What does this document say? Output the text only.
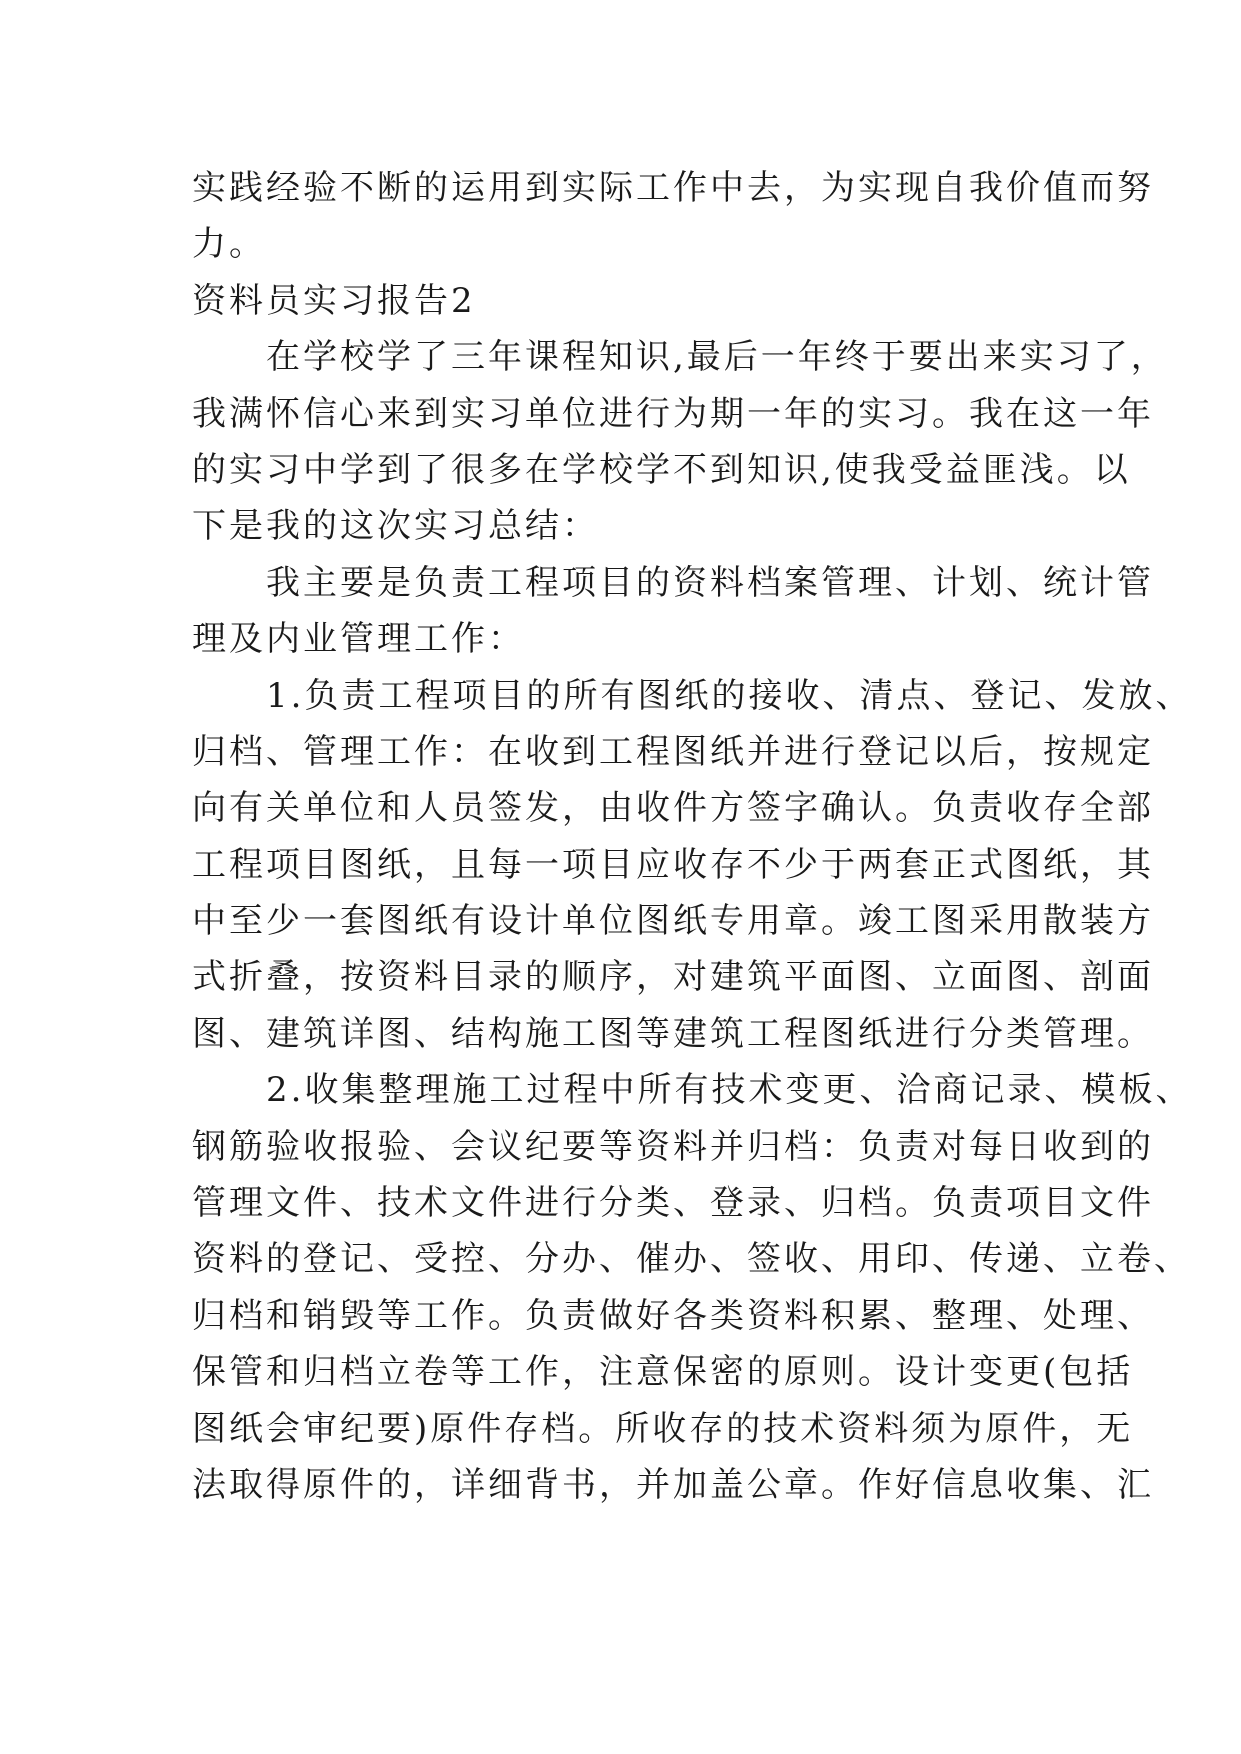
实践经验不断的运用到实际工作中去，为实现自我价值而努
力。
资料员实习报告2
　　在学校学了三年课程知识,最后一年终于要出来实习了，
我满怀信心来到实习单位进行为期一年的实习。我在这一年
的实习中学到了很多在学校学不到知识,使我受益匪浅。以
下是我的这次实习总结：
　　我主要是负责工程项目的资料档案管理、计划、统计管
理及内业管理工作：
　　1.负责工程项目的所有图纸的接收、清点、登记、发放、
归档、管理工作：在收到工程图纸并进行登记以后，按规定
向有关单位和人员签发，由收件方签字确认。负责收存全部
工程项目图纸，且每一项目应收存不少于两套正式图纸，其
中至少一套图纸有设计单位图纸专用章。竣工图采用散装方
式折叠，按资料目录的顺序，对建筑平面图、立面图、剖面
图、建筑详图、结构施工图等建筑工程图纸进行分类管理。
　　2.收集整理施工过程中所有技术变更、洽商记录、模板、
钢筋验收报验、会议纪要等资料并归档：负责对每日收到的
管理文件、技术文件进行分类、登录、归档。负责项目文件
资料的登记、受控、分办、催办、签收、用印、传递、立卷、
归档和销毁等工作。负责做好各类资料积累、整理、处理、
保管和归档立卷等工作，注意保密的原则。设计变更(包括
图纸会审纪要)原件存档。所收存的技术资料须为原件，无
法取得原件的，详细背书，并加盖公章。作好信息收集、汇
